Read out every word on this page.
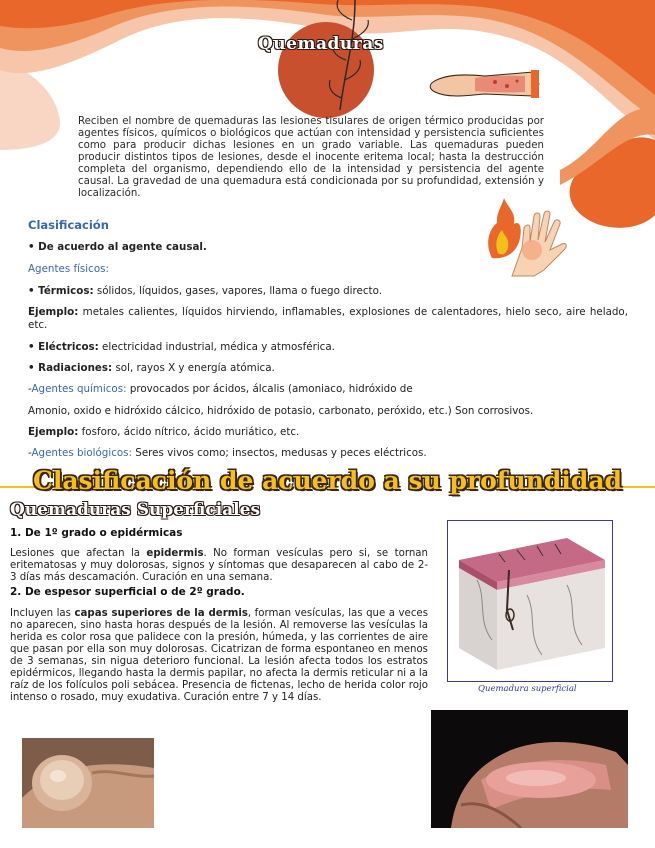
Quemaduras
Reciben el nombre de quemaduras las lesiones tisulares de origen térmico producidas por agentes físicos, químicos o biológicos que actúan con intensidad y persistencia suficientes como para producir dichas lesiones en un grado variable. Las quemaduras pueden producir distintos tipos de lesiones, desde el inocente eritema local; hasta la destrucción completa del organismo, dependiendo ello de la intensidad y persistencia del agente causal. La gravedad de una quemadura está condicionada por su profundidad, extensión y localización.
Clasificación
• De acuerdo al agente causal.
Agentes físicos:
• Térmicos: sólidos, líquidos, gases, vapores, llama o fuego directo.
Ejemplo: metales calientes, líquidos hirviendo, inflamables, explosiones de calentadores, hielo seco, aire helado, etc.
• Eléctricos: electricidad industrial, médica y atmosférica.
• Radiaciones: sol, rayos X y energía atómica.
-Agentes químicos: provocados por ácidos, álcalis (amoniaco, hidróxido de
Amonio, oxido e hidróxido cálcico, hidróxido de potasio, carbonato, peróxido, etc.) Son corrosivos.
Ejemplo: fosforo, ácido nítrico, ácido muriático, etc.
-Agentes biológicos: Seres vivos como; insectos, medusas y peces eléctricos.
Clasificación de acuerdo a su profundidad
Quemaduras Superficiales
1. De 1º grado o epidérmicas
Lesiones que afectan la epidermis. No forman vesículas pero si, se tornan eritematosas y muy dolorosas, signos y síntomas que desaparecen al cabo de 2-3 días más descamación. Curación en una semana.
2. De espesor superficial o de 2º grado.
Incluyen las capas superiores de la dermis, forman vesículas, las que a veces no aparecen, sino hasta horas después de la lesión. Al removerse las vesículas la herida es color rosa que palidece con la presión, húmeda, y las corrientes de aire que pasan por ella son muy dolorosas. Cicatrizan de forma espontaneo en menos de 3 semanas, sin nigua deterioro funcional. La lesión afecta todos los estratos epidérmicos, llegando hasta la dermis papilar, no afecta la dermis reticular ni a la raíz de los folículos poli sebácea. Presencia de fictenas, lecho de herida color rojo intenso o rosado, muy exudativa. Curación entre 7 y 14 días.
Quemadura superficial
